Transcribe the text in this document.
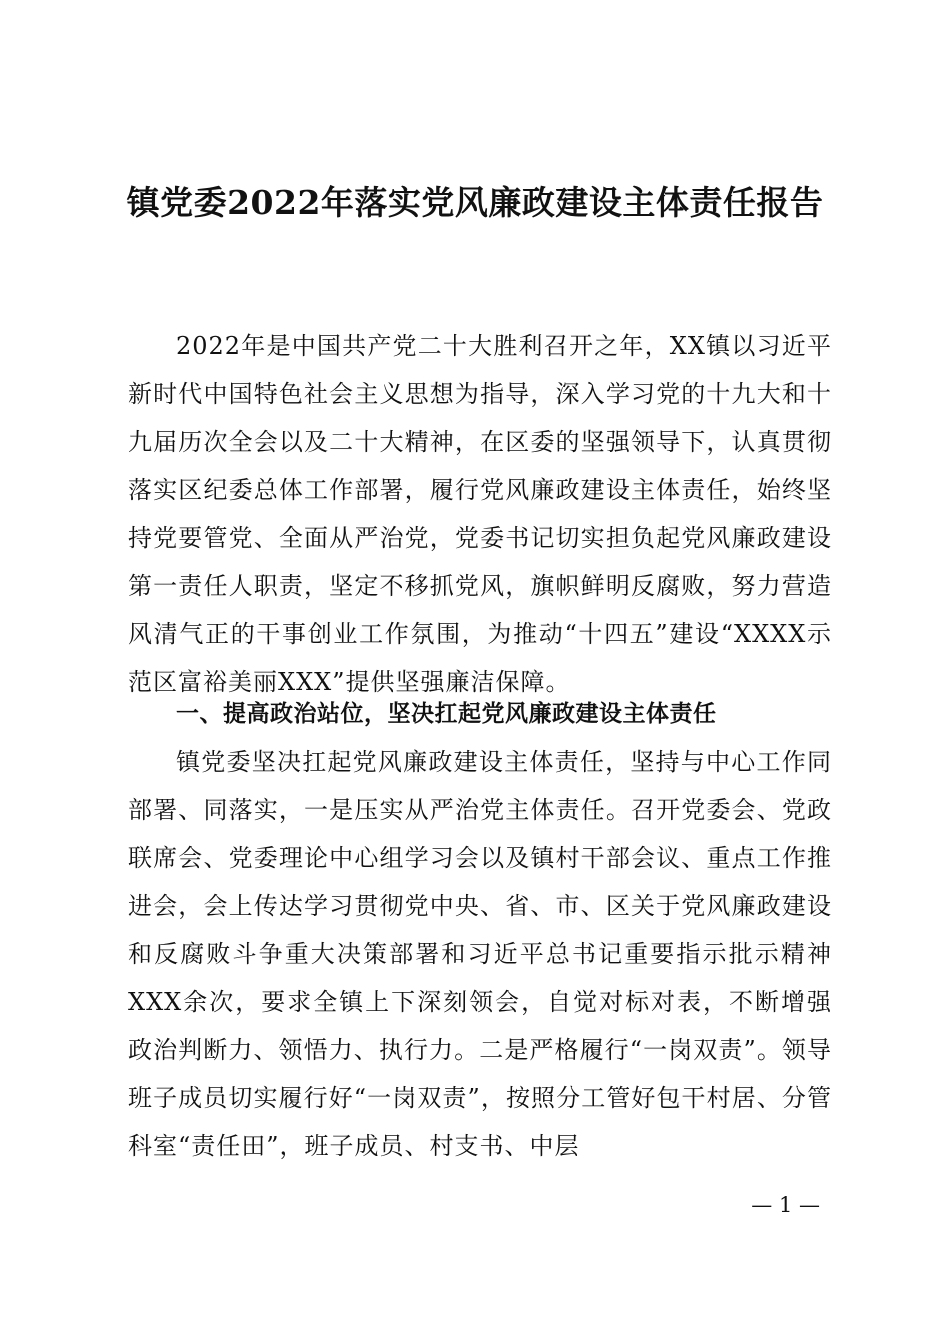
镇党委2022年落实党风廉政建设主体责任报告

2022年是中国共产党二十大胜利召开之年，XX镇以习近平新时代中国特色社会主义思想为指导，深入学习党的十九大和十九届历次全会以及二十大精神，在区委的坚强领导下，认真贯彻落实区纪委总体工作部署，履行党风廉政建设主体责任，始终坚持党要管党、全面从严治党，党委书记切实担负起党风廉政建设第一责任人职责，坚定不移抓党风，旗帜鲜明反腐败，努力营造风清气正的干事创业工作氛围，为推动“十四五”建设“XXXX示范区富裕美丽XXX”提供坚强廉洁保障。

一、提高政治站位，坚决扛起党风廉政建设主体责任

镇党委坚决扛起党风廉政建设主体责任，坚持与中心工作同部署、同落实，一是压实从严治党主体责任。召开党委会、党政联席会、党委理论中心组学习会以及镇村干部会议、重点工作推进会，会上传达学习贯彻党中央、省、市、区关于党风廉政建设和反腐败斗争重大决策部署和习近平总书记重要指示批示精神XXX余次，要求全镇上下深刻领会，自觉对标对表，不断增强政治判断力、领悟力、执行力。二是严格履行“一岗双责”。领导班子成员切实履行好“一岗双责”，按照分工管好包干村居、分管科室“责任田”，班子成员、村支书、中层

— 1 —
